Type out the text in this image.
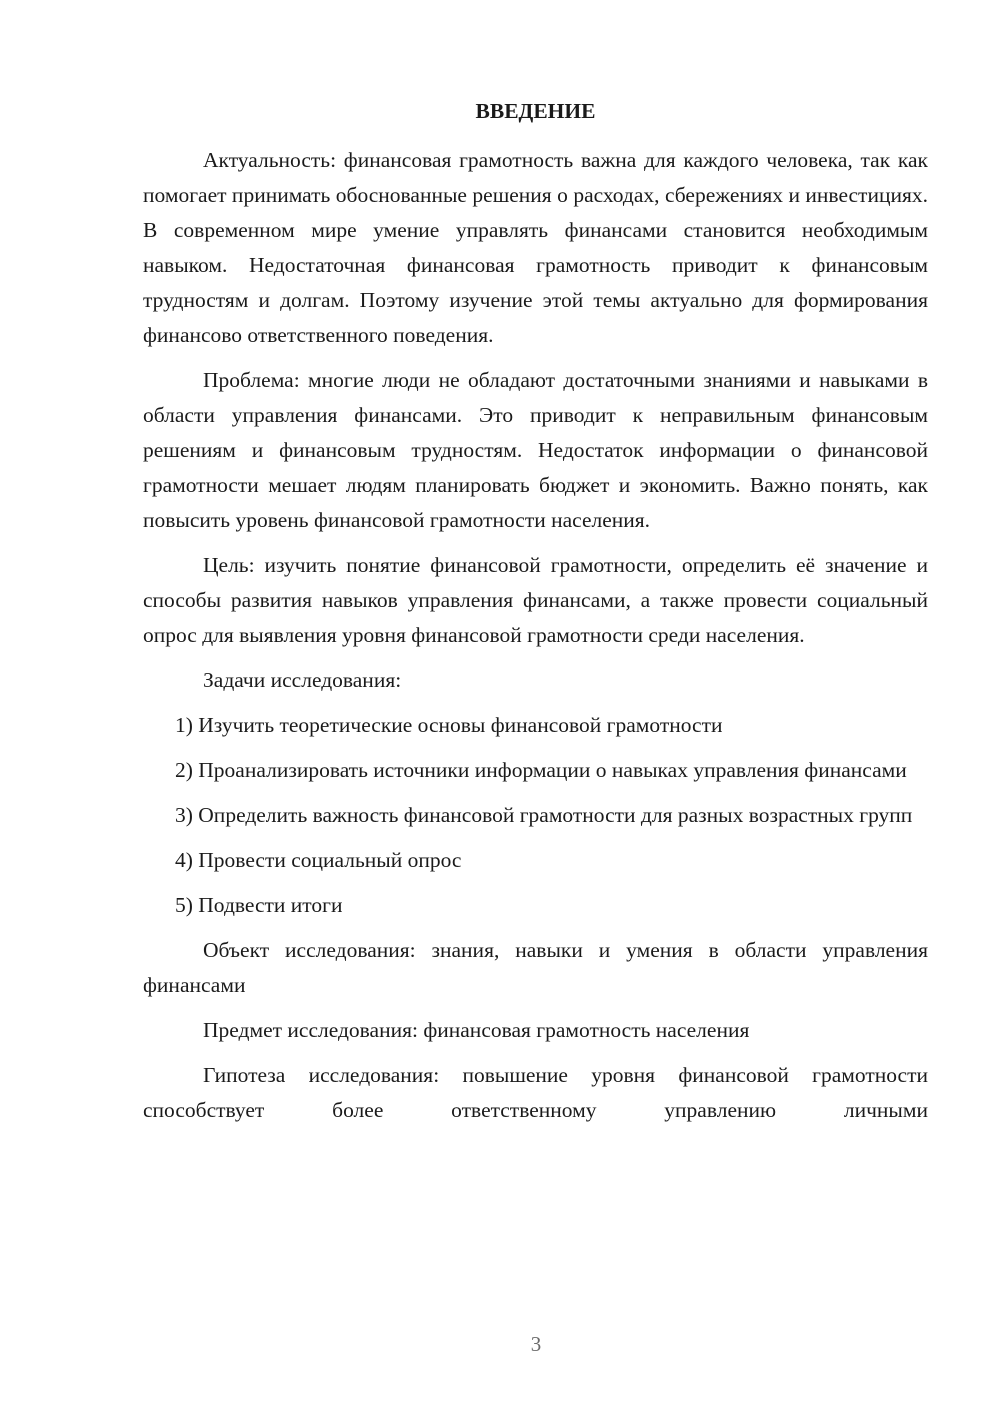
ВВЕДЕНИЕ

Актуальность: финансовая грамотность важна для каждого человека, так как помогает принимать обоснованные решения о расходах, сбережениях и инвестициях. В современном мире умение управлять финансами становится необходимым навыком. Недостаточная финансовая грамотность приводит к финансовым трудностям и долгам. Поэтому изучение этой темы актуально для формирования финансово ответственного поведения.

Проблема: многие люди не обладают достаточными знаниями и навыками в области управления финансами. Это приводит к неправильным финансовым решениям и финансовым трудностям. Недостаток информации о финансовой грамотности мешает людям планировать бюджет и экономить. Важно понять, как повысить уровень финансовой грамотности населения.

Цель: изучить понятие финансовой грамотности, определить её значение и способы развития навыков управления финансами, а также провести социальный опрос для выявления уровня финансовой грамотности среди населения.

Задачи исследования:

1) Изучить теоретические основы финансовой грамотности

2) Проанализировать источники информации о навыках управления финансами

3) Определить важность финансовой грамотности для разных возрастных групп

4) Провести социальный опрос

5) Подвести итоги

Объект исследования: знания, навыки и умения в области управления финансами

Предмет исследования: финансовая грамотность населения

Гипотеза исследования: повышение уровня финансовой грамотности способствует более ответственному управлению личными

3
